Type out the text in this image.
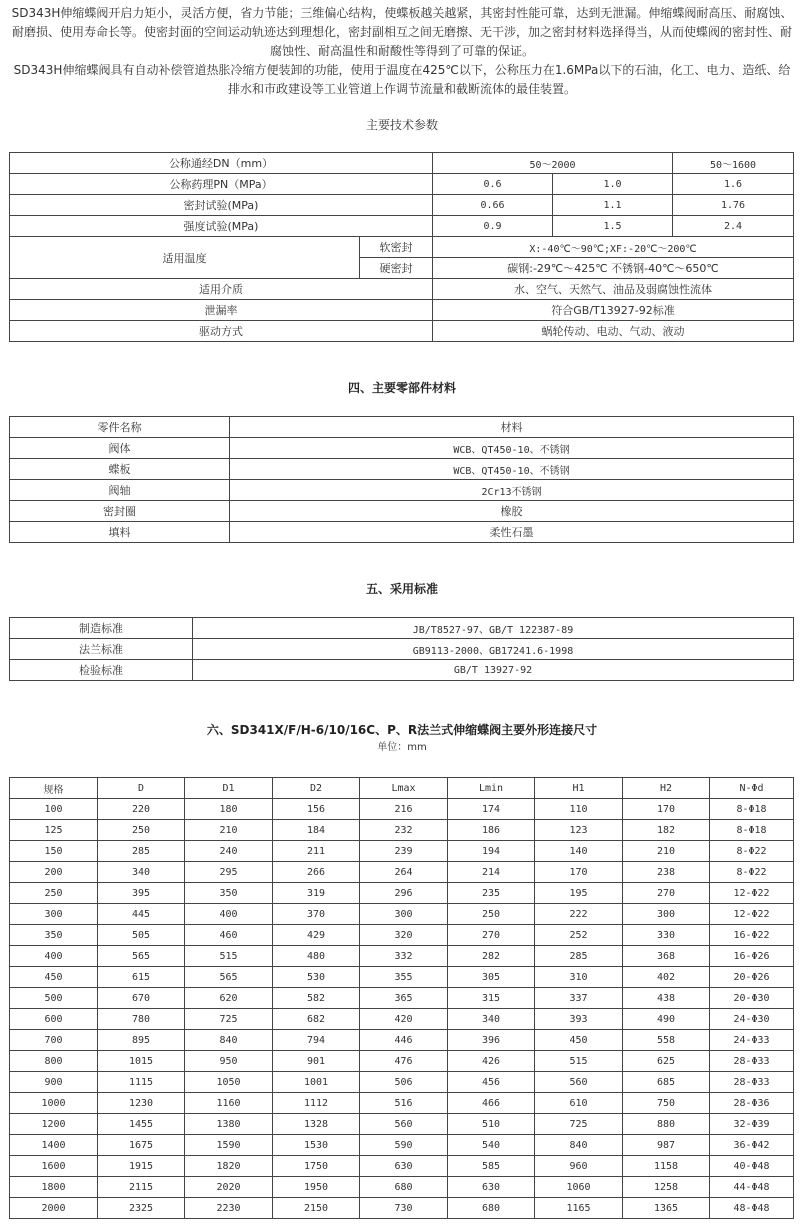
SD343H伸缩蝶阀开启力矩小，灵活方便，省力节能；三维偏心结构，使蝶板越关越紧，其密封性能可靠，达到无泄漏。伸缩蝶阀耐高压、耐腐蚀、耐磨损、使用寿命长等。使密封面的空间运动轨迹达到理想化，密封副相互之间无磨擦、无干涉，加之密封材料选择得当，从而使蝶阀的密封性、耐腐蚀性、耐高温性和耐酸性等得到了可靠的保证。

SD343H伸缩蝶阀具有自动补偿管道热胀冷缩方便装卸的功能，使用于温度在425℃以下，公称压力在1.6MPa以下的石油，化工、电力、造纸、给排水和市政建设等工业管道上作调节流量和截断流体的最佳装置。

主要技术参数
公称通经DN（mm）		50～2000		50～1600
公称药理PN（MPa）		0.6	1.0	1.6
密封试验(MPa)		0.66	1.1	1.76
强度试验(MPa)		0.9	1.5	2.4
适用温度	软密封	X:-40℃～90℃;XF:-20℃～200℃		
	硬密封	碳钢:-29℃～425℃ 不锈钢-40℃～650℃		
适用介质		水、空气、天然气、油品及弱腐蚀性流体		
泄漏率		符合GB/T13927-92标准		
驱动方式		蜗轮传动、电动、气动、液动		
四、主要零部件材料
零件名称	材料
阀体	WCB、QT450-10、不锈钢
蝶板	WCB、QT450-10、不锈钢
阀轴	2Cr13不锈钢
密封圈	橡胶
填料	柔性石墨
五、采用标准
制造标准	JB/T8527-97、GB/T 122387-89
法兰标准	GB9113-2000、GB17241.6-1998
检验标准	GB/T 13927-92
六、SD341X/F/H-6/10/16C、P、R法兰式伸缩蝶阀主要外形连接尺寸
单位：mm
规格	D	D1	D2	Lmax	Lmin	H1	H2	N-Φd
100	220	180	156	216	174	110	170	8-Φ18
125	250	210	184	232	186	123	182	8-Φ18
150	285	240	211	239	194	140	210	8-Φ22
200	340	295	266	264	214	170	238	8-Φ22
250	395	350	319	296	235	195	270	12-Φ22
300	445	400	370	300	250	222	300	12-Φ22
350	505	460	429	320	270	252	330	16-Φ22
400	565	515	480	332	282	285	368	16-Φ26
450	615	565	530	355	305	310	402	20-Φ26
500	670	620	582	365	315	337	438	20-Φ30
600	780	725	682	420	340	393	490	24-Φ30
700	895	840	794	446	396	450	558	24-Φ33
800	1015	950	901	476	426	515	625	28-Φ33
900	1115	1050	1001	506	456	560	685	28-Φ33
1000	1230	1160	1112	516	466	610	750	28-Φ36
1200	1455	1380	1328	560	510	725	880	32-Φ39
1400	1675	1590	1530	590	540	840	987	36-Φ42
1600	1915	1820	1750	630	585	960	1158	40-Φ48
1800	2115	2020	1950	680	630	1060	1258	44-Φ48
2000	2325	2230	2150	730	680	1165	1365	48-Φ48
